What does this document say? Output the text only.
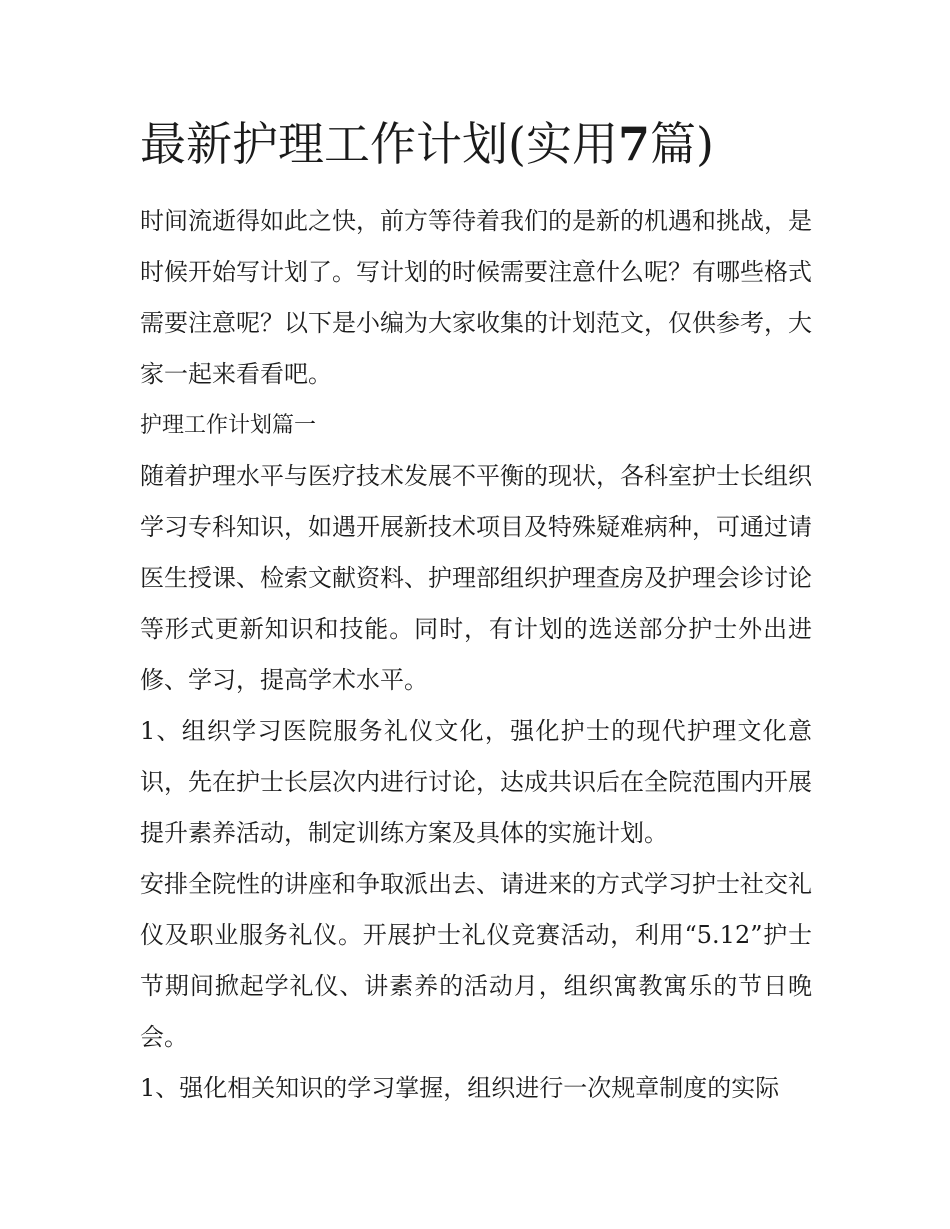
最新护理工作计划(实用7篇)

时间流逝得如此之快，前方等待着我们的是新的机遇和挑战，是时候开始写计划了。写计划的时候需要注意什么呢？有哪些格式需要注意呢？以下是小编为大家收集的计划范文，仅供参考，大家一起来看看吧。

护理工作计划篇一

随着护理水平与医疗技术发展不平衡的现状，各科室护士长组织学习专科知识，如遇开展新技术项目及特殊疑难病种，可通过请医生授课、检索文献资料、护理部组织护理查房及护理会诊讨论等形式更新知识和技能。同时，有计划的选送部分护士外出进修、学习，提高学术水平。

1、组织学习医院服务礼仪文化，强化护士的现代护理文化意识，先在护士长层次内进行讨论，达成共识后在全院范围内开展提升素养活动，制定训练方案及具体的实施计划。

安排全院性的讲座和争取派出去、请进来的方式学习护士社交礼仪及职业服务礼仪。开展护士礼仪竞赛活动，利用“5.12”护士节期间掀起学礼仪、讲素养的活动月，组织寓教寓乐的节日晚会。

1、强化相关知识的学习掌握，组织进行一次规章制度的实际
